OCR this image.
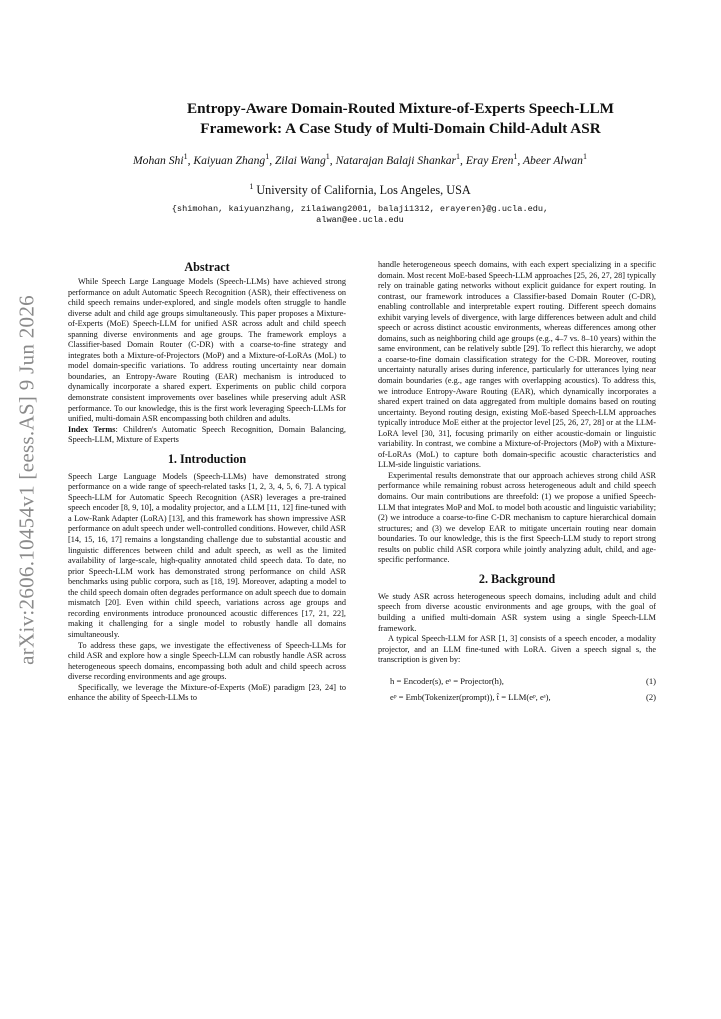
arXiv:2606.10454v1 [eess.AS] 9 Jun 2026
Entropy-Aware Domain-Routed Mixture-of-Experts Speech-LLM
Framework: A Case Study of Multi-Domain Child-Adult ASR
Mohan Shi$^1$, Kaiyuan Zhang$^1$, Zilai Wang$^1$, Natarajan Balaji Shankar$^1$, Eray Eren$^1$, Abeer Alwan$^1$
$^1$ University of California, Los Angeles, USA
{shimohan, kaiyuanzhang, zilaiwang2001, balaji1312, erayeren}@g.ucla.edu,
alwan@ee.ucla.edu
Abstract

While Speech Large Language Models (Speech-LLMs) have achieved strong performance on adult Automatic Speech Recognition (ASR), their effectiveness on child speech remains under-explored, and single models often struggle to handle diverse adult and child age groups simultaneously. This paper proposes a Mixture-of-Experts (MoE) Speech-LLM for unified ASR across adult and child speech spanning diverse environments and age groups. The framework employs a Classifier-based Domain Router (C-DR) with a coarse-to-fine strategy and integrates both a Mixture-of-Projectors (MoP) and a Mixture-of-LoRAs (MoL) to model domain-specific variations. To address routing uncertainty near domain boundaries, an Entropy-Aware Routing (EAR) mechanism is introduced to dynamically incorporate a shared expert. Experiments on public child corpora demonstrate consistent improvements over baselines while preserving adult ASR performance. To our knowledge, this is the first work leveraging Speech-LLMs for unified, multi-domain ASR encompassing both children and adults.

Index Terms: Children's Automatic Speech Recognition, Domain Balancing, Speech-LLM, Mixture of Experts

1. Introduction

Speech Large Language Models (Speech-LLMs) have demonstrated strong performance on a wide range of speech-related tasks [1, 2, 3, 4, 5, 6, 7]. A typical Speech-LLM for Automatic Speech Recognition (ASR) leverages a pre-trained speech encoder [8, 9, 10], a modality projector, and a LLM [11, 12] fine-tuned with a Low-Rank Adapter (LoRA) [13], and this framework has shown impressive ASR performance on adult speech under well-controlled conditions. However, child ASR [14, 15, 16, 17] remains a longstanding challenge due to substantial acoustic and linguistic differences between child and adult speech, as well as the limited availability of large-scale, high-quality annotated child speech data. To date, no prior Speech-LLM work has demonstrated strong performance on child ASR benchmarks using public corpora, such as [18, 19]. Moreover, adapting a model to the child speech domain often degrades performance on adult speech due to domain mismatch [20]. Even within child speech, variations across age groups and recording environments introduce pronounced acoustic differences [17, 21, 22], making it challenging for a single model to robustly handle all domains simultaneously.

To address these gaps, we investigate the effectiveness of Speech-LLMs for child ASR and explore how a single Speech-LLM can robustly handle ASR across heterogeneous speech domains, encompassing both adult and child speech across diverse recording environments and age groups.

Specifically, we leverage the Mixture-of-Experts (MoE) paradigm [23, 24] to enhance the ability of Speech-LLMs to

handle heterogeneous speech domains, with each expert specializing in a specific domain. Most recent MoE-based Speech-LLM approaches [25, 26, 27, 28] typically rely on trainable gating networks without explicit guidance for expert routing. In contrast, our framework introduces a Classifier-based Domain Router (C-DR), enabling controllable and interpretable expert routing. Different speech domains exhibit varying levels of divergence, with large differences between adult and child speech or across distinct acoustic environments, whereas differences among other domains, such as neighboring child age groups (e.g., 4–7 vs. 8–10 years) within the same environment, can be relatively subtle [29]. To reflect this hierarchy, we adopt a coarse-to-fine domain classification strategy for the C-DR. Moreover, routing uncertainty naturally arises during inference, particularly for utterances lying near domain boundaries (e.g., age ranges with overlapping acoustics). To address this, we introduce Entropy-Aware Routing (EAR), which dynamically incorporates a shared expert trained on data aggregated from multiple domains based on routing uncertainty. Beyond routing design, existing MoE-based Speech-LLM approaches typically introduce MoE either at the projector level [25, 26, 27, 28] or at the LLM-LoRA level [30, 31], focusing primarily on either acoustic-domain or linguistic variability. In contrast, we combine a Mixture-of-Projectors (MoP) with a Mixture-of-LoRAs (MoL) to capture both domain-specific acoustic characteristics and LLM-side linguistic variations.

Experimental results demonstrate that our approach achieves strong child ASR performance while remaining robust across heterogeneous adult and child speech domains. Our main contributions are threefold: (1) we propose a unified Speech-LLM that integrates MoP and MoL to model both acoustic and linguistic variability; (2) we introduce a coarse-to-fine C-DR mechanism to capture hierarchical domain structures; and (3) we develop EAR to mitigate uncertain routing near domain boundaries. To our knowledge, this is the first Speech-LLM study to report strong results on public child ASR corpora while jointly analyzing adult, child, and age-specific performance.

2. Background

We study ASR across heterogeneous speech domains, including adult and child speech from diverse acoustic environments and age groups, with the goal of building a unified multi-domain ASR system using a single Speech-LLM framework.

A typical Speech-LLM for ASR [1, 3] consists of a speech encoder, a modality projector, and an LLM fine-tuned with LoRA. Given a speech signal s, the transcription is given by:

h = Encoder(s), eˢ = Projector(h),	(1)
eᵖ = Emb(Tokenizer(prompt)), t̂ = LLM(eᵖ, eˢ),	(2)
